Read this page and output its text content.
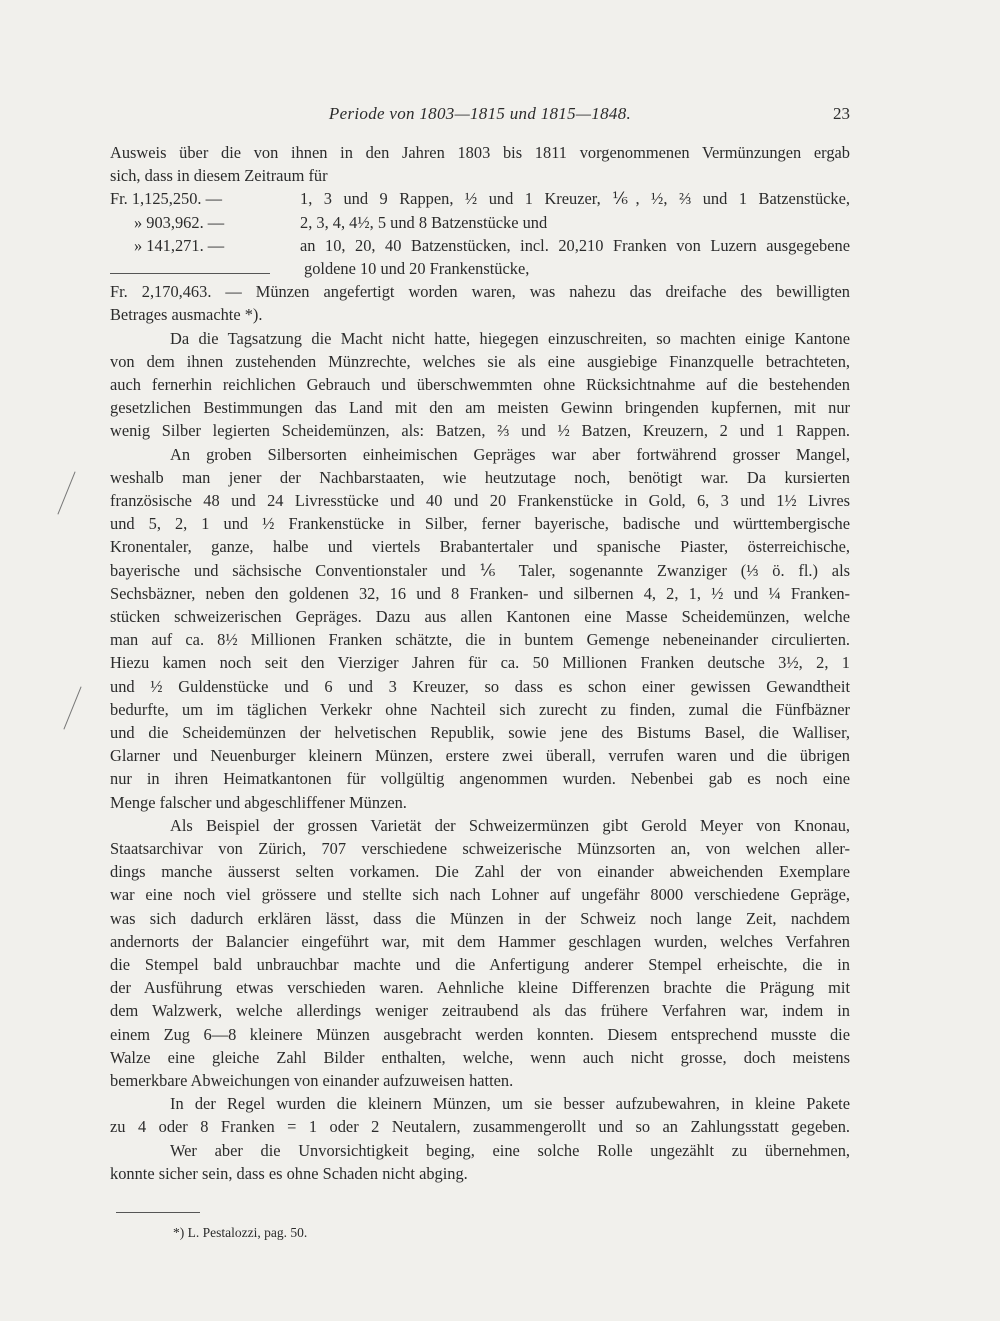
Periode von 1803—1815 und 1815—1848.	23
Ausweis über die von ihnen in den Jahren 1803 bis 1811 vorgenommenen Vermünzungen ergab
sich, dass in diesem Zeitraum für
Fr. 1,125,250. —	1, 3 und 9 Rappen, ½ und 1 Kreuzer, ⅙, ½, ⅔ und 1 Batzenstücke,
» 903,962. —	2, 3, 4, 4½, 5 und 8 Batzenstücke und
» 141,271. —	an 10, 20, 40 Batzenstücken, incl. 20,210 Franken von Luzern ausgegebene
goldene 10 und 20 Frankenstücke,
Fr. 2,170,463. — Münzen angefertigt worden waren, was nahezu das dreifache des bewilligten
Betrages ausmachte *).
Da die Tagsatzung die Macht nicht hatte, hiegegen einzuschreiten, so machten einige Kantone
von dem ihnen zustehenden Münzrechte, welches sie als eine ausgiebige Finanzquelle betrachteten,
auch fernerhin reichlichen Gebrauch und überschwemmten ohne Rücksichtnahme auf die bestehenden
gesetzlichen Bestimmungen das Land mit den am meisten Gewinn bringenden kupfernen, mit nur
wenig Silber legierten Scheidemünzen, als: Batzen, ⅔ und ½ Batzen, Kreuzern, 2 und 1 Rappen.
An groben Silbersorten einheimischen Gepräges war aber fortwährend grosser Mangel,
weshalb man jener der Nachbarstaaten, wie heutzutage noch, benötigt war. Da kursierten
französische 48 und 24 Livresstücke und 40 und 20 Frankenstücke in Gold, 6, 3 und 1½ Livres
und 5, 2, 1 und ½ Frankenstücke in Silber, ferner bayerische, badische und württembergische
Kronentaler, ganze, halbe und viertels Brabantertaler und spanische Piaster, österreichische,
bayerische und sächsische Conventionstaler und ⅙ Taler, sogenannte Zwanziger (⅓ ö. fl.) als
Sechsbäzner, neben den goldenen 32, 16 und 8 Franken- und silbernen 4, 2, 1, ½ und ¼ Franken-
stücken schweizerischen Gepräges. Dazu aus allen Kantonen eine Masse Scheidemünzen, welche
man auf ca. 8½ Millionen Franken schätzte, die in buntem Gemenge nebeneinander circulierten.
Hiezu kamen noch seit den Vierziger Jahren für ca. 50 Millionen Franken deutsche 3½, 2, 1
und ½ Guldenstücke und 6 und 3 Kreuzer, so dass es schon einer gewissen Gewandtheit
bedurfte, um im täglichen Verkekr ohne Nachteil sich zurecht zu finden, zumal die Fünfbäzner
und die Scheidemünzen der helvetischen Republik, sowie jene des Bistums Basel, die Walliser,
Glarner und Neuenburger kleinern Münzen, erstere zwei überall, verrufen waren und die übrigen
nur in ihren Heimatkantonen für vollgültig angenommen wurden. Nebenbei gab es noch eine
Menge falscher und abgeschliffener Münzen.
Als Beispiel der grossen Varietät der Schweizermünzen gibt Gerold Meyer von Knonau,
Staatsarchivar von Zürich, 707 verschiedene schweizerische Münzsorten an, von welchen aller-
dings manche äusserst selten vorkamen. Die Zahl der von einander abweichenden Exemplare
war eine noch viel grössere und stellte sich nach Lohner auf ungefähr 8000 verschiedene Gepräge,
was sich dadurch erklären lässt, dass die Münzen in der Schweiz noch lange Zeit, nachdem
andernorts der Balancier eingeführt war, mit dem Hammer geschlagen wurden, welches Verfahren
die Stempel bald unbrauchbar machte und die Anfertigung anderer Stempel erheischte, die in
der Ausführung etwas verschieden waren. Aehnliche kleine Differenzen brachte die Prägung mit
dem Walzwerk, welche allerdings weniger zeitraubend als das frühere Verfahren war, indem in
einem Zug 6—8 kleinere Münzen ausgebracht werden konnten. Diesem entsprechend musste die
Walze eine gleiche Zahl Bilder enthalten, welche, wenn auch nicht grosse, doch meistens
bemerkbare Abweichungen von einander aufzuweisen hatten.
In der Regel wurden die kleinern Münzen, um sie besser aufzubewahren, in kleine Pakete
zu 4 oder 8 Franken = 1 oder 2 Neutalern, zusammengerollt und so an Zahlungsstatt gegeben.
Wer aber die Unvorsichtigkeit beging, eine solche Rolle ungezählt zu übernehmen,
konnte sicher sein, dass es ohne Schaden nicht abging.
*) L. Pestalozzi, pag. 50.
